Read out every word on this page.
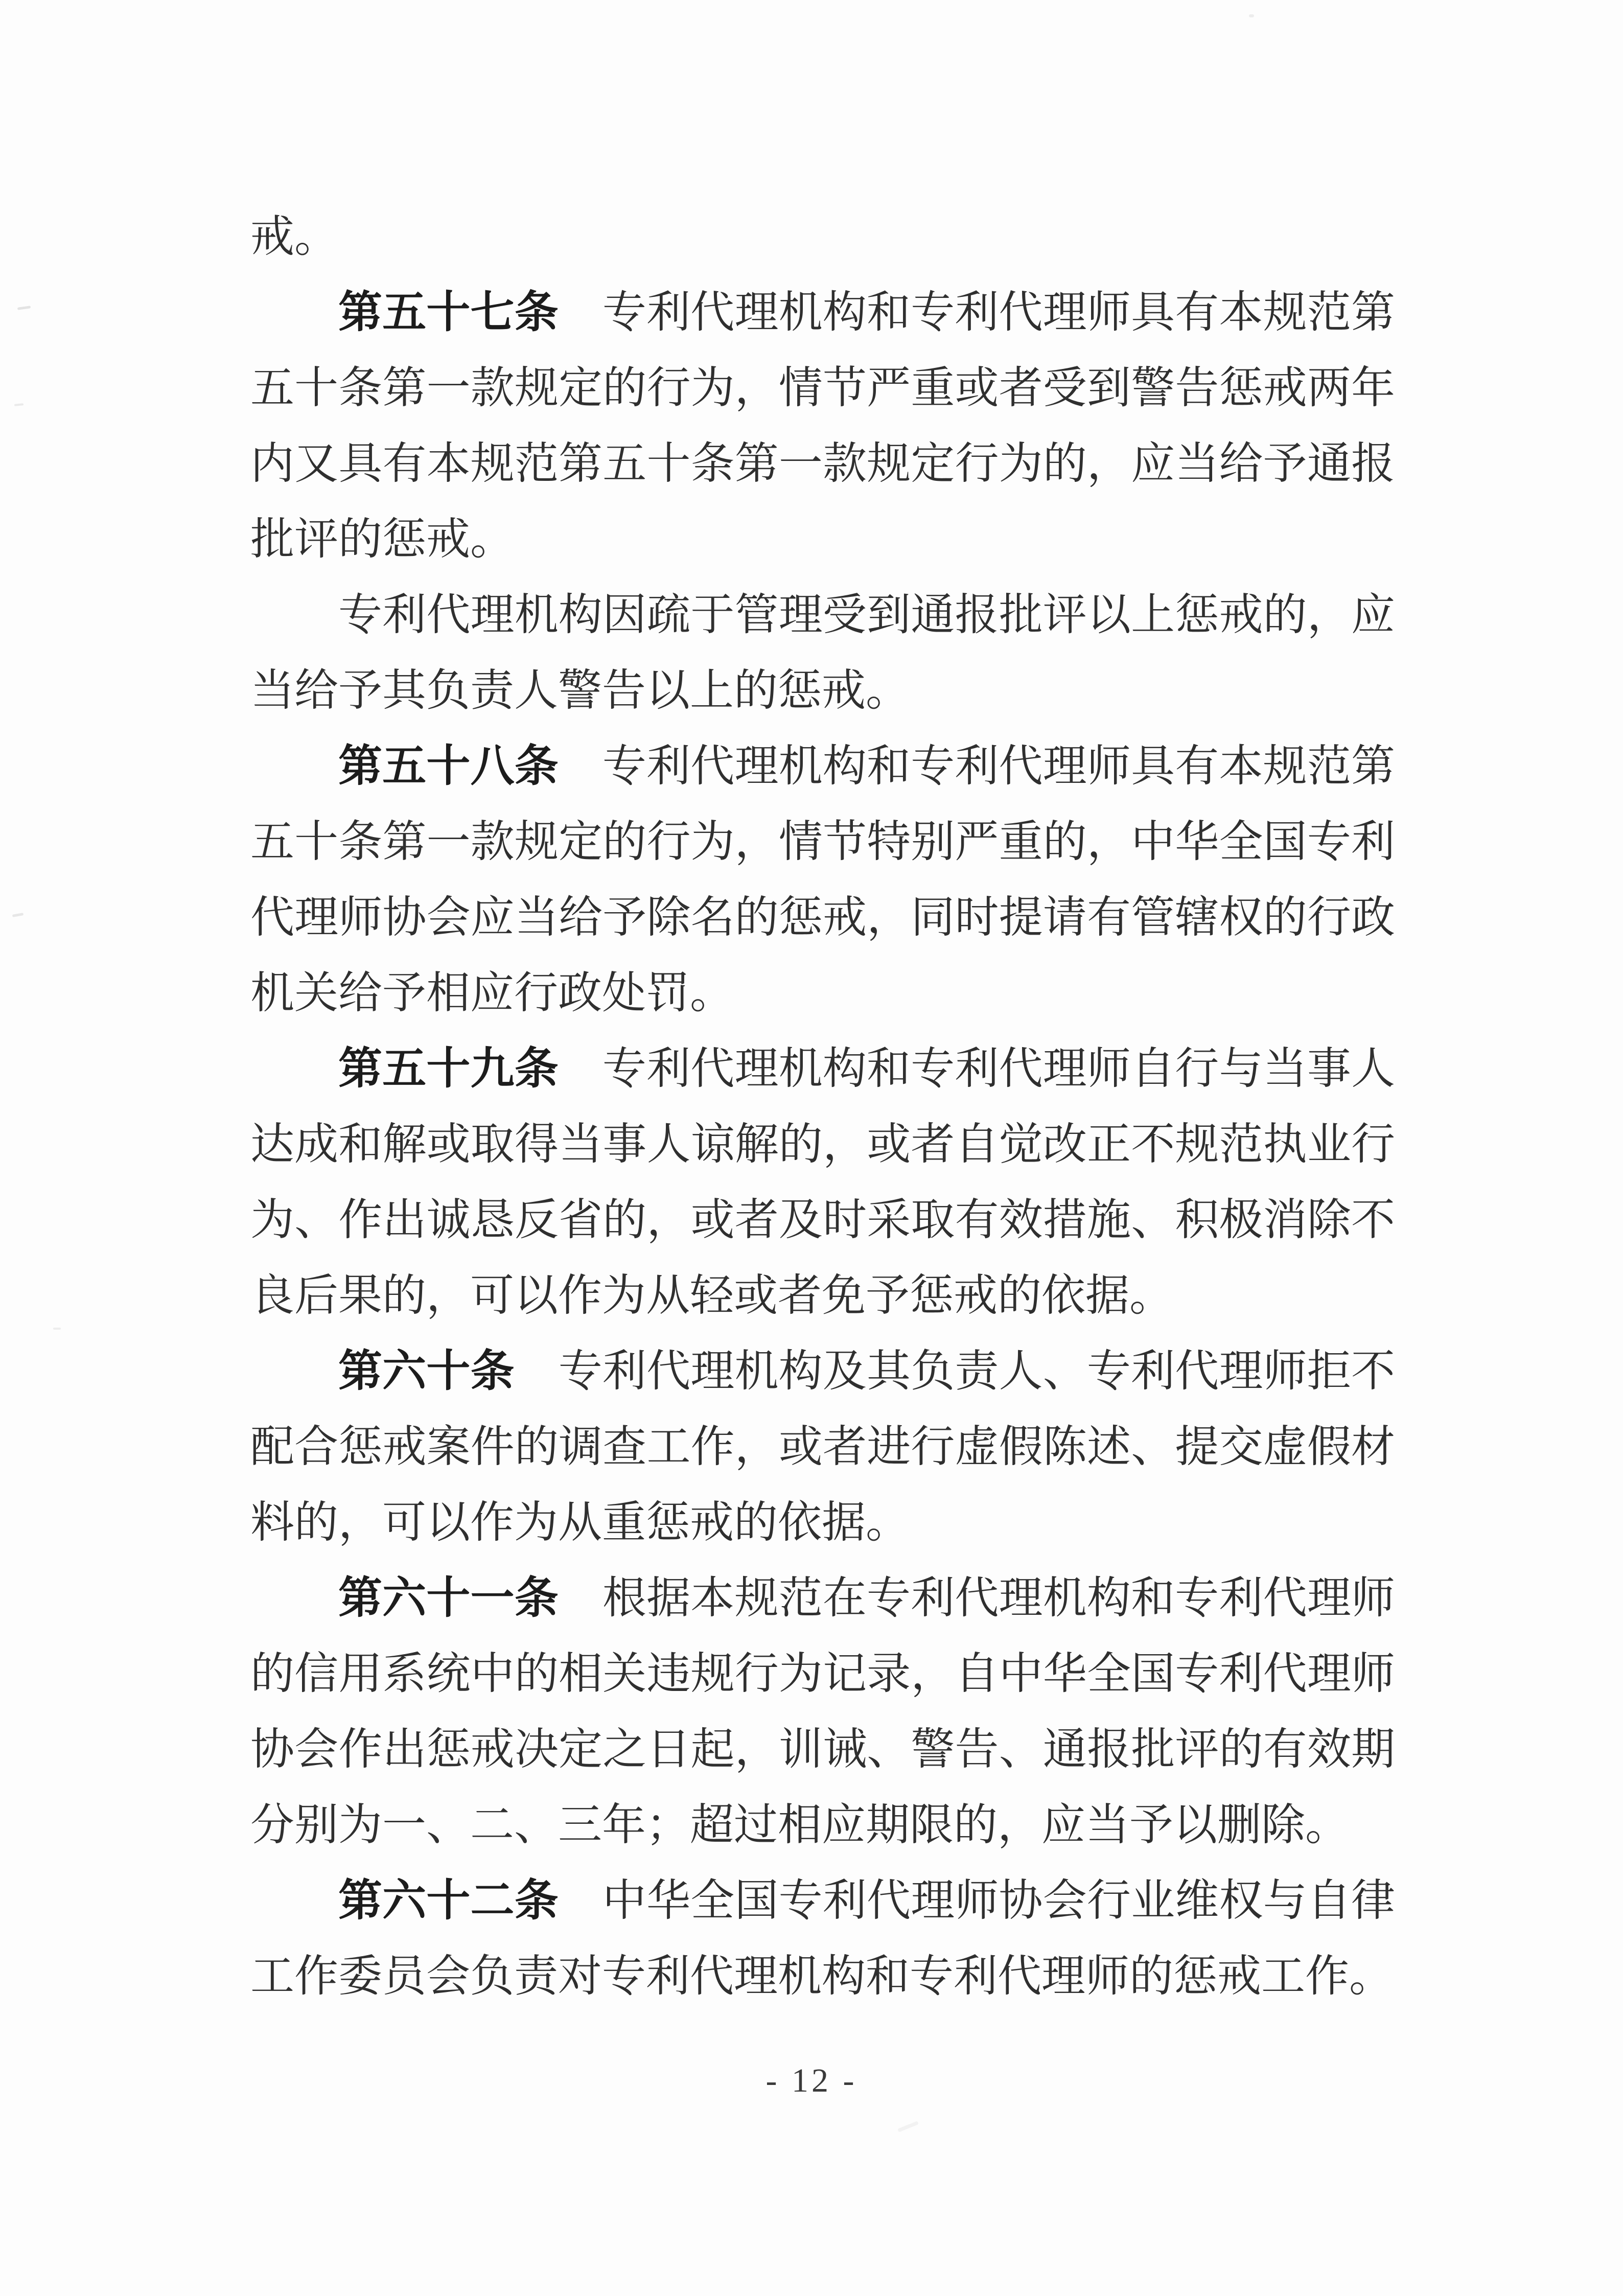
戒。

第五十七条 专利代理机构和专利代理师具有本规范第五十条第一款规定的行为，情节严重或者受到警告惩戒两年内又具有本规范第五十条第一款规定行为的，应当给予通报批评的惩戒。

专利代理机构因疏于管理受到通报批评以上惩戒的，应当给予其负责人警告以上的惩戒。

第五十八条 专利代理机构和专利代理师具有本规范第五十条第一款规定的行为，情节特别严重的，中华全国专利代理师协会应当给予除名的惩戒，同时提请有管辖权的行政机关给予相应行政处罚。

第五十九条 专利代理机构和专利代理师自行与当事人达成和解或取得当事人谅解的，或者自觉改正不规范执业行为、作出诚恳反省的，或者及时采取有效措施、积极消除不良后果的，可以作为从轻或者免予惩戒的依据。

第六十条 专利代理机构及其负责人、专利代理师拒不配合惩戒案件的调查工作，或者进行虚假陈述、提交虚假材料的，可以作为从重惩戒的依据。

第六十一条 根据本规范在专利代理机构和专利代理师的信用系统中的相关违规行为记录，自中华全国专利代理师协会作出惩戒决定之日起，训诫、警告、通报批评的有效期分别为一、二、三年；超过相应期限的，应当予以删除。

第六十二条 中华全国专利代理师协会行业维权与自律工作委员会负责对专利代理机构和专利代理师的惩戒工作。

- 12 -
